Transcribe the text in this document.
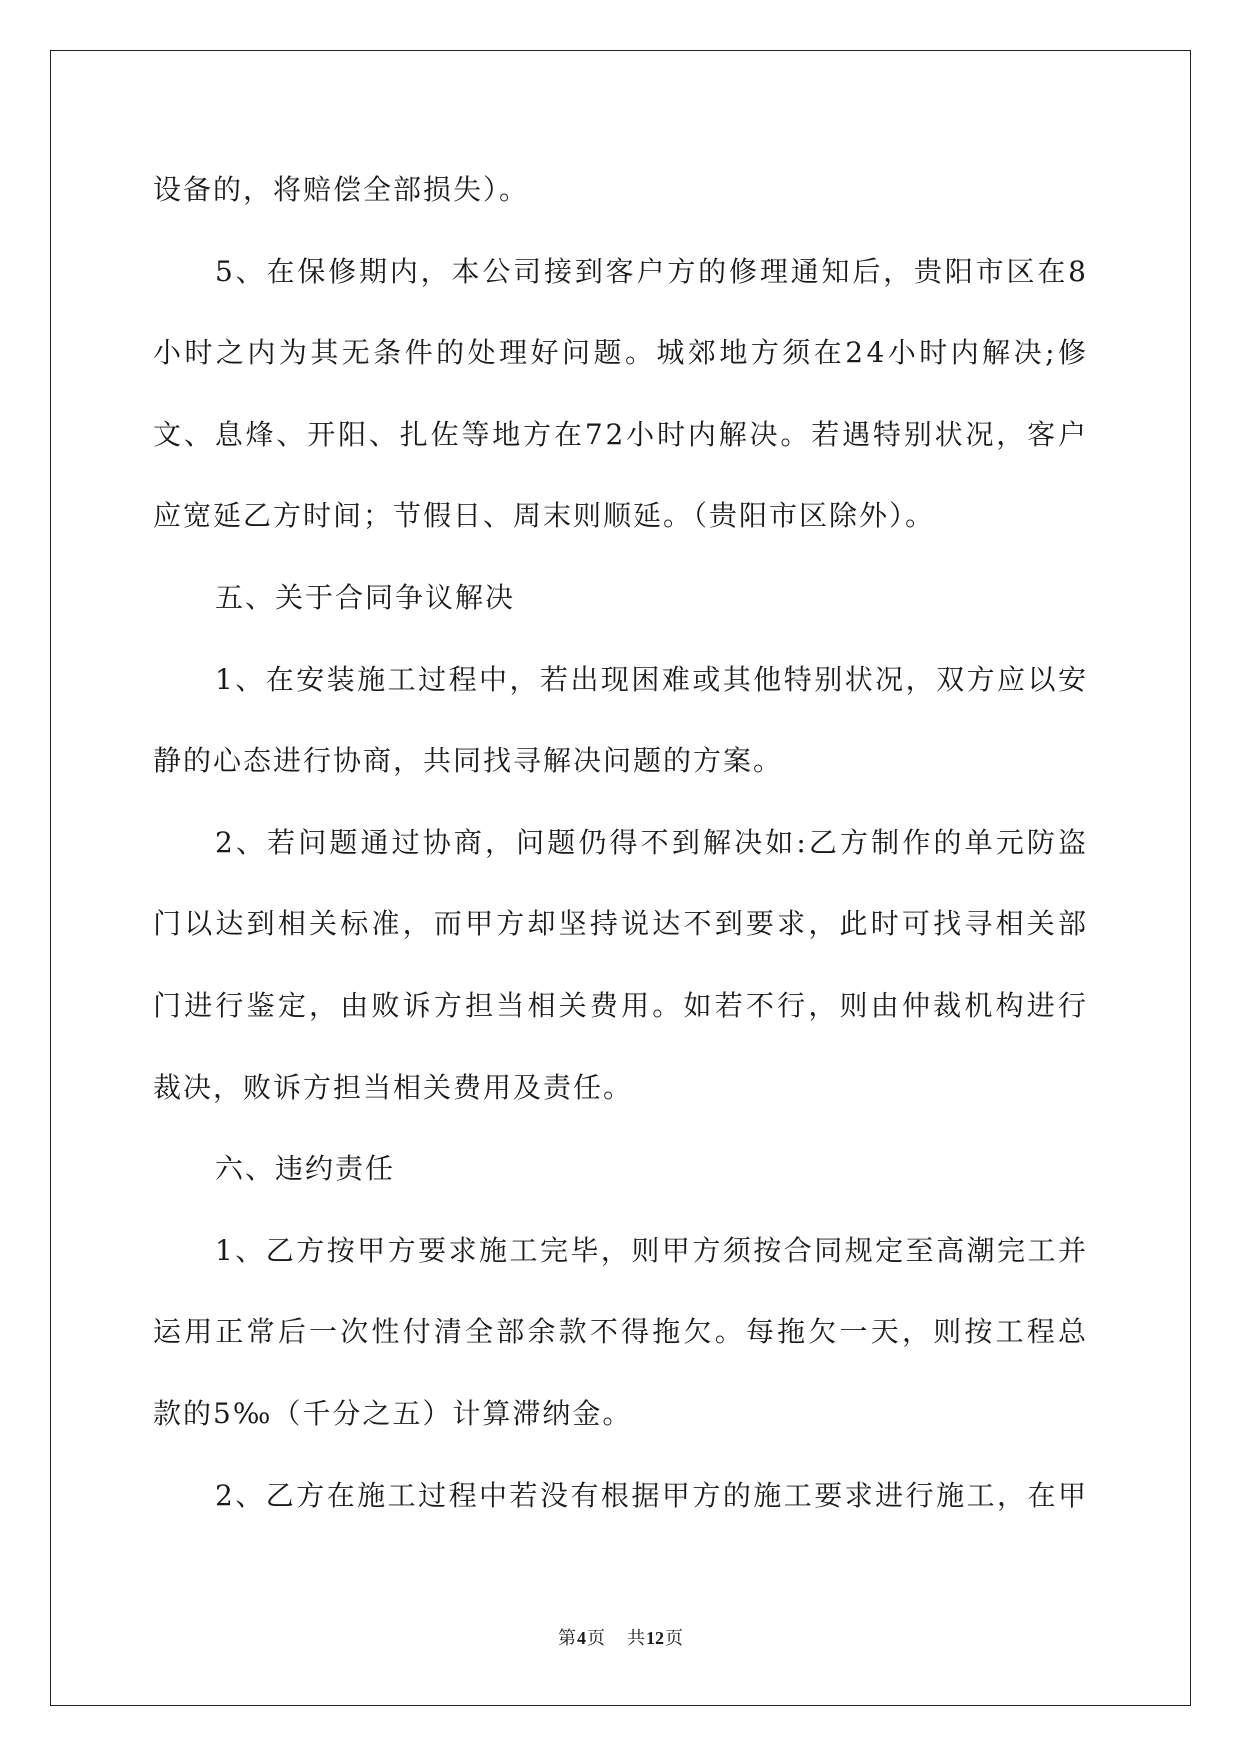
设备的，将赔偿全部损失）。
5、在保修期内，本公司接到客户方的修理通知后，贵阳市区在8
小时之内为其无条件的处理好问题。城郊地方须在24小时内解决;修
文、息烽、开阳、扎佐等地方在72小时内解决。若遇特别状况，客户
应宽延乙方时间；节假日、周末则顺延。（贵阳市区除外）。
五、关于合同争议解决
1、在安装施工过程中，若出现困难或其他特别状况，双方应以安
静的心态进行协商，共同找寻解决问题的方案。
2、若问题通过协商，问题仍得不到解决如:乙方制作的单元防盗
门以达到相关标准，而甲方却坚持说达不到要求，此时可找寻相关部
门进行鉴定，由败诉方担当相关费用。如若不行，则由仲裁机构进行
裁决，败诉方担当相关费用及责任。
六、违约责任
1、乙方按甲方要求施工完毕，则甲方须按合同规定至高潮完工并
运用正常后一次性付清全部余款不得拖欠。每拖欠一天，则按工程总
款的5‰（千分之五）计算滞纳金。
2、乙方在施工过程中若没有根据甲方的施工要求进行施工，在甲
第4页 共12页
